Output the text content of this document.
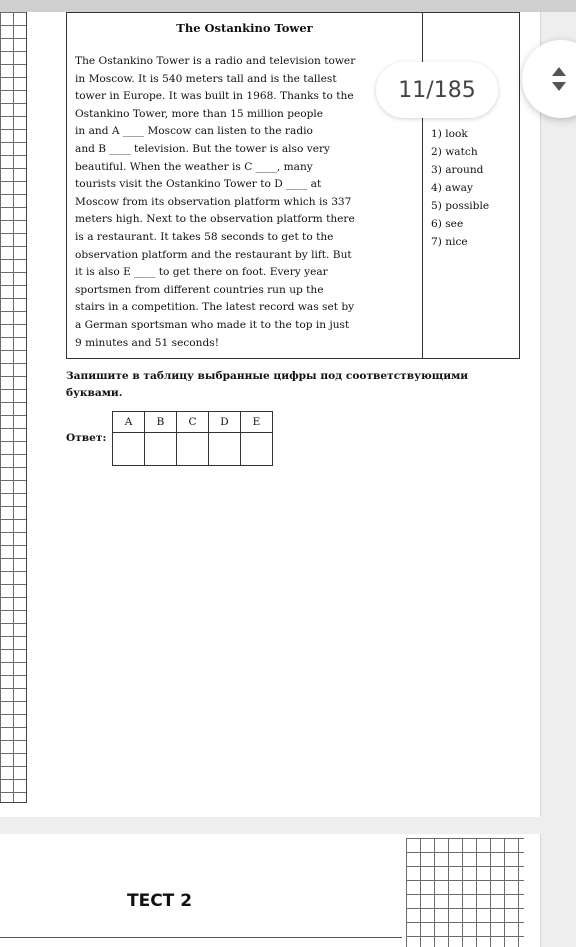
The Ostankino Tower

The Ostankino Tower is a radio and television tower

in Moscow. It is 540 meters tall and is the tallest

tower in Europe. It was built in 1968. Thanks to the

Ostankino Tower, more than 15 million people

in and A ____ Moscow can listen to the radio

and B ____ television. But the tower is also very

beautiful. When the weather is C ____, many

tourists visit the Ostankino Tower to D ____ at

Moscow from its observation platform which is 337

meters high. Next to the observation platform there

is a restaurant. It takes 58 seconds to get to the

observation platform and the restaurant by lift. But

it is also E ____ to get there on foot. Every year

sportsmen from different countries run up the

stairs in a competition. The latest record was set by

a German sportsman who made it to the top in just

9 minutes and 51 seconds!

1) look
2) watch
3) around
4) away
5) possible
6) see
7) nice
Запишите в таблицу выбранные цифры под соответствующими буквами.
Ответ:
A	B	C	D	E

11/185
ТЕСТ 2
